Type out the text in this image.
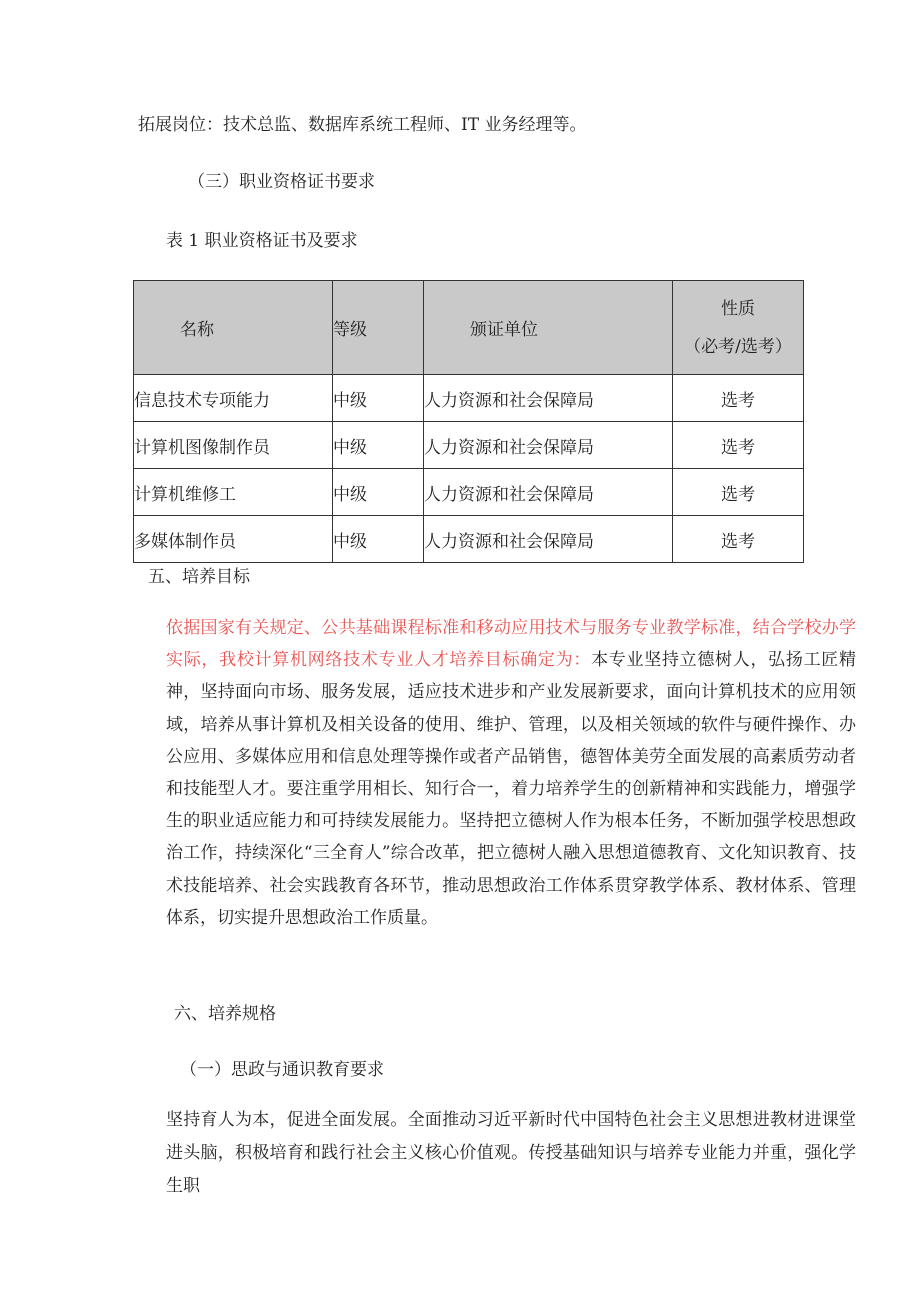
拓展岗位：技术总监、数据库系统工程师、IT 业务经理等。
（三）职业资格证书要求
表 1 职业资格证书及要求
名称	等级	颁证单位	性质
（必考/选考）

信息技术专项能力	中级	人力资源和社会保障局	选考
计算机图像制作员	中级	人力资源和社会保障局	选考
计算机维修工	中级	人力资源和社会保障局	选考
多媒体制作员	中级	人力资源和社会保障局	选考
五、培养目标
依据国家有关规定、公共基础课程标准和移动应用技术与服务专业教学标准，结合学校办学实际，我校计算机网络技术专业人才培养目标确定为：本专业坚持立德树人，弘扬工匠精神，坚持面向市场、服务发展，适应技术进步和产业发展新要求，面向计算机技术的应用领域，培养从事计算机及相关设备的使用、维护、管理，以及相关领域的软件与硬件操作、办公应用、多媒体应用和信息处理等操作或者产品销售，德智体美劳全面发展的高素质劳动者和技能型人才。要注重学用相长、知行合一，着力培养学生的创新精神和实践能力，增强学生的职业适应能力和可持续发展能力。坚持把立德树人作为根本任务，不断加强学校思想政治工作，持续深化“三全育人”综合改革，把立德树人融入思想道德教育、文化知识教育、技术技能培养、社会实践教育各环节，推动思想政治工作体系贯穿教学体系、教材体系、管理体系，切实提升思想政治工作质量。
六、培养规格
（一）思政与通识教育要求
坚持育人为本，促进全面发展。全面推动习近平新时代中国特色社会主义思想进教材进课堂进头脑，积极培育和践行社会主义核心价值观。传授基础知识与培养专业能力并重，强化学生职
